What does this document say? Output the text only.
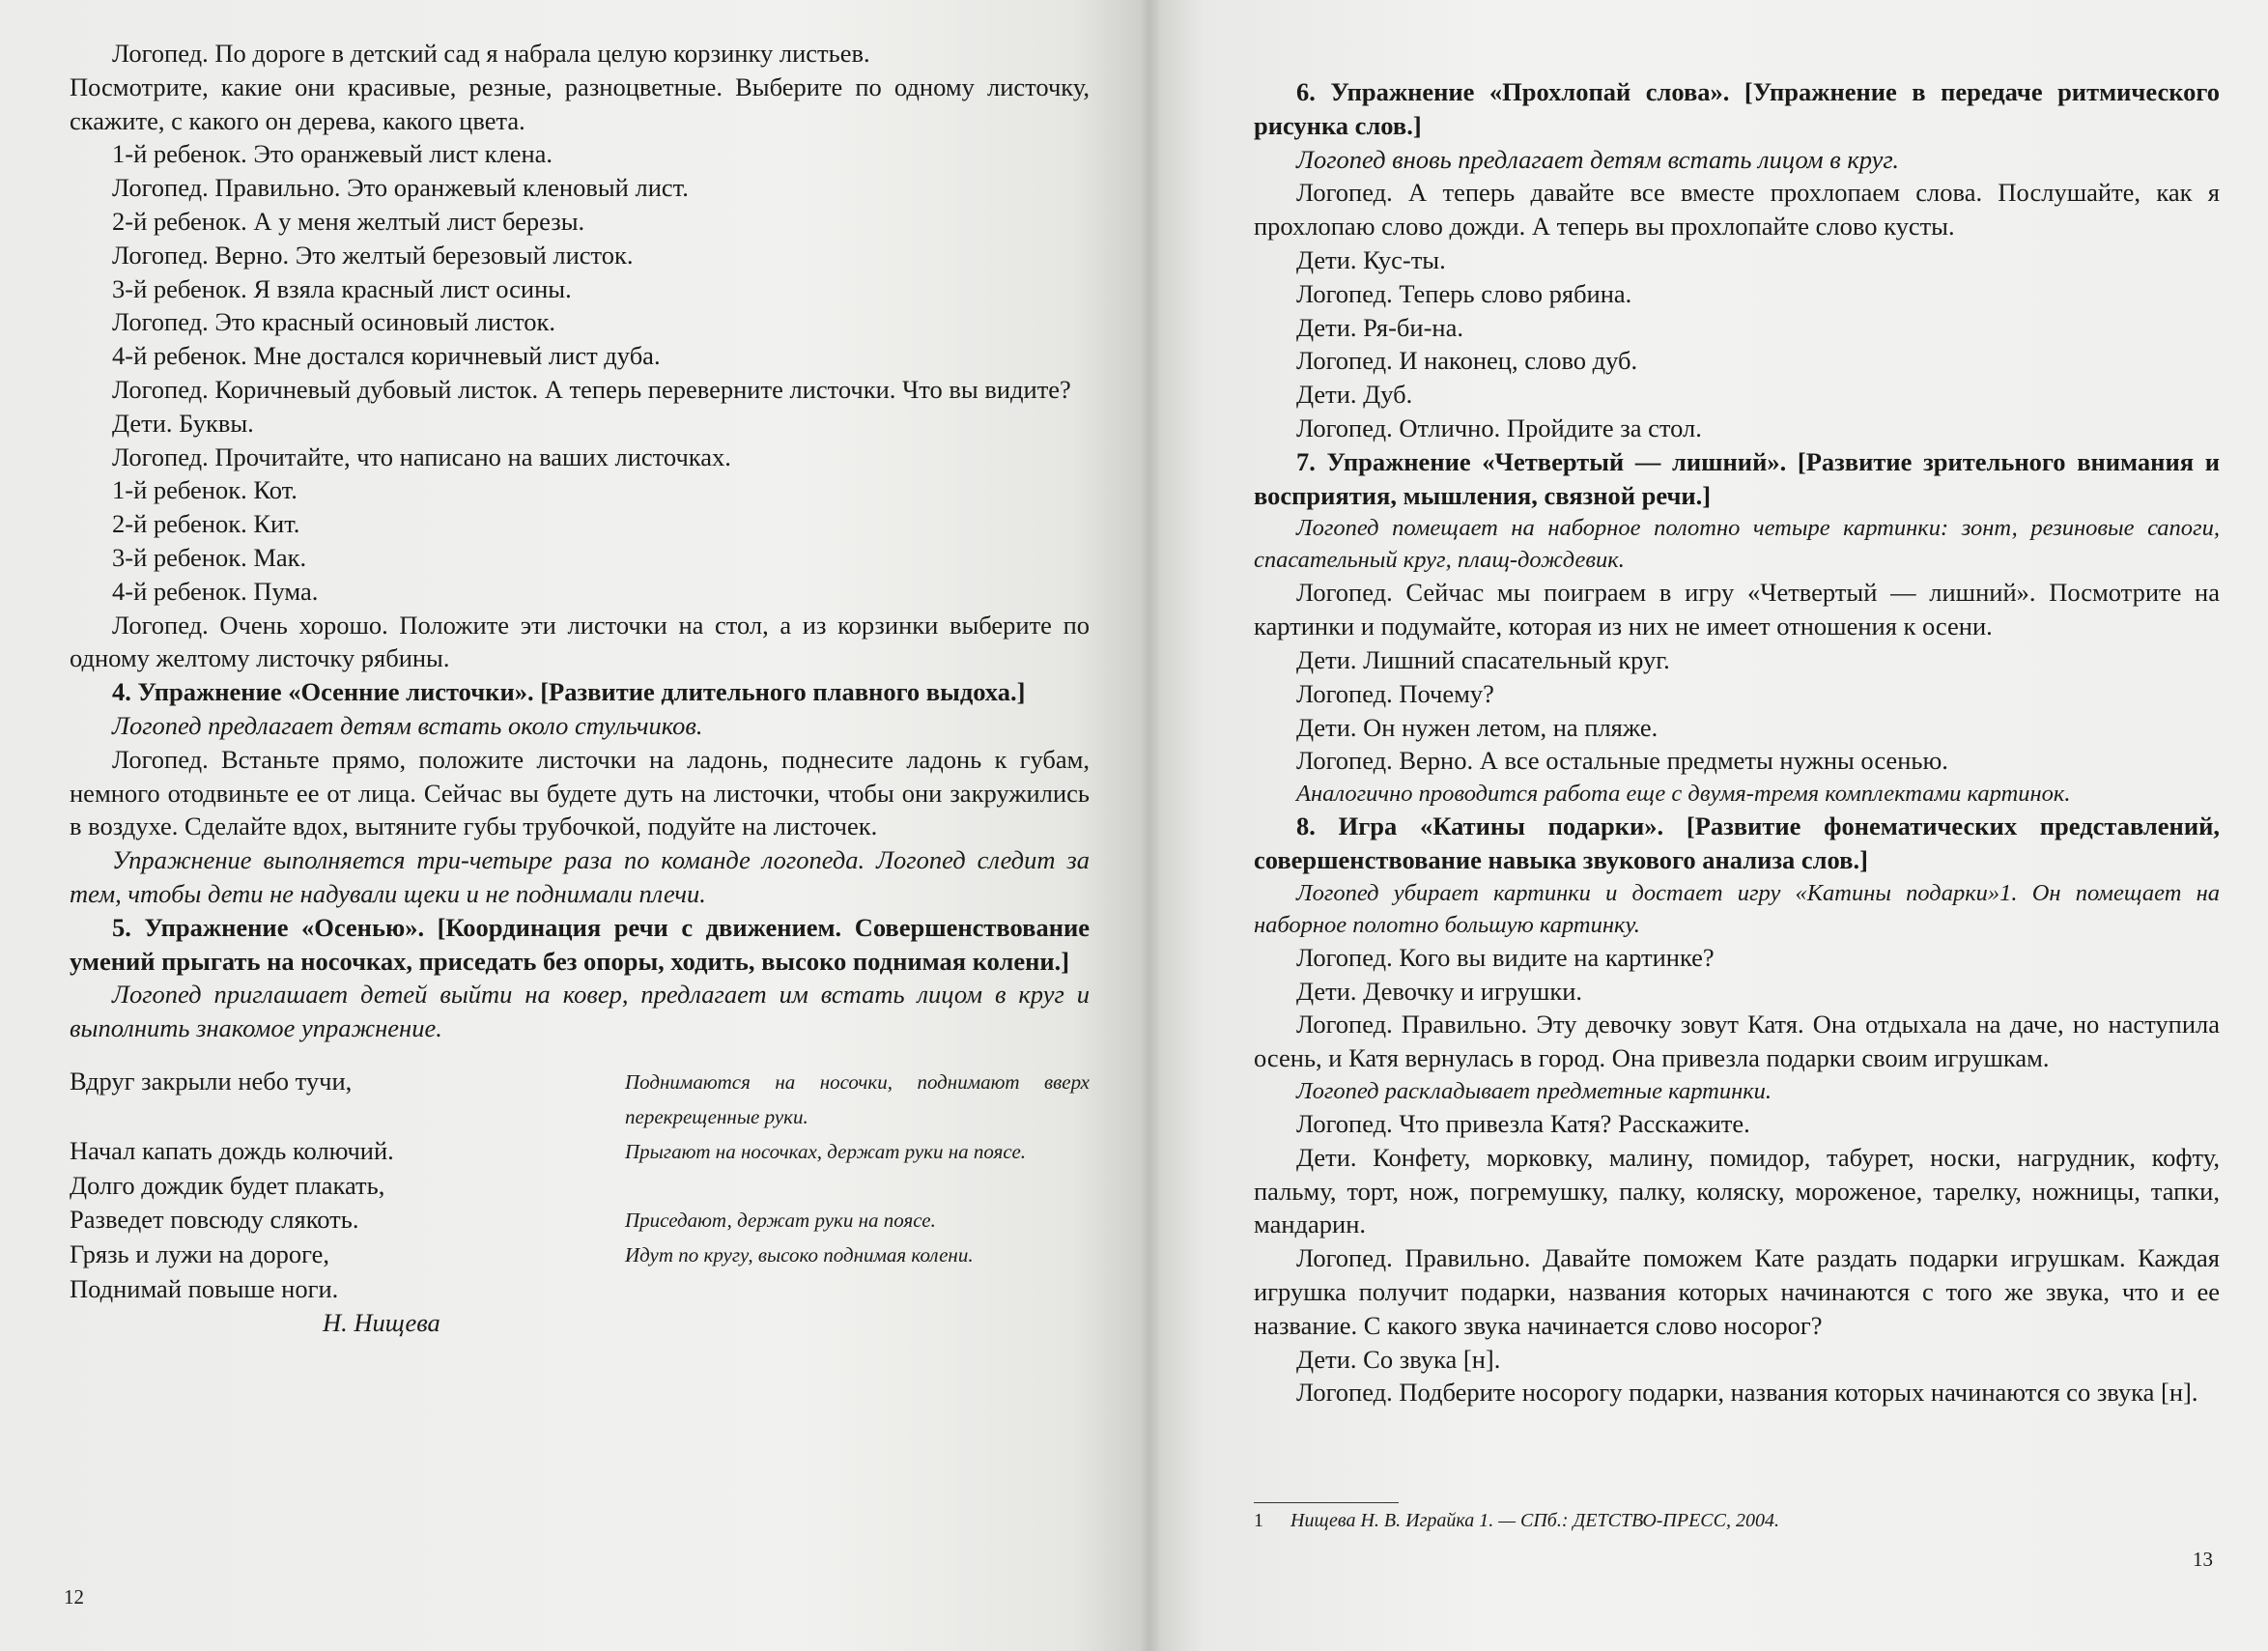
Логопед. По дороге в детский сад я набрала целую корзинку листьев.

Посмотрите, какие они красивые, резные, разноцветные. Выберите по одному листочку, скажите, с какого он дерева, какого цвета.

1-й ребенок. Это оранжевый лист клена.

Логопед. Правильно. Это оранжевый кленовый лист.

2-й ребенок. А у меня желтый лист березы.

Логопед. Верно. Это желтый березовый листок.

3-й ребенок. Я взяла красный лист осины.

Логопед. Это красный осиновый листок.

4-й ребенок. Мне достался коричневый лист дуба.

Логопед. Коричневый дубовый листок. А теперь переверните листочки. Что вы видите?

Дети. Буквы.

Логопед. Прочитайте, что написано на ваших листочках.

1-й ребенок. Кот.

2-й ребенок. Кит.

3-й ребенок. Мак.

4-й ребенок. Пума.

Логопед. Очень хорошо. Положите эти листочки на стол, а из корзинки выберите по одному желтому листочку рябины.

4. Упражнение «Осенние листочки». [Развитие длительного плавного выдоха.]

Логопед предлагает детям встать около стульчиков.

Логопед. Встаньте прямо, положите листочки на ладонь, поднесите ладонь к губам, немного отодвиньте ее от лица. Сейчас вы будете дуть на листочки, чтобы они закружились в воздухе. Сделайте вдох, вытяните губы трубочкой, подуйте на листочек.

Упражнение выполняется три-четыре раза по команде логопеда. Логопед следит за тем, чтобы дети не надували щеки и не поднимали плечи.

5. Упражнение «Осенью». [Координация речи с движением. Совершенствование умений прыгать на носочках, приседать без опоры, ходить, высоко поднимая колени.]

Логопед приглашает детей выйти на ковер, предлагает им встать лицом в круг и выполнить знакомое упражнение.

Вдруг закрыли небо тучи,	Поднимаются на носочки, поднимают вверх перекрещенные руки.
Начал капать дождь колючий.	Прыгают на носочках, держат руки на поясе.
Долго дождик будет плакать,
Разведет повсюду слякоть.	Приседают, держат руки на поясе.
Грязь и лужи на дороге,	Идут по кругу, высоко поднимая колени.
Поднимай повыше ноги.
Н. Нищева
12

6. Упражнение «Прохлопай слова». [Упражнение в передаче ритмического рисунка слов.]

Логопед вновь предлагает детям встать лицом в круг.

Логопед. А теперь давайте все вместе прохлопаем слова. Послушайте, как я прохлопаю слово дожди. А теперь вы прохлопайте слово кусты.

Дети. Кус-ты.

Логопед. Теперь слово рябина.

Дети. Ря-би-на.

Логопед. И наконец, слово дуб.

Дети. Дуб.

Логопед. Отлично. Пройдите за стол.

7. Упражнение «Четвертый — лишний». [Развитие зрительного внимания и восприятия, мышления, связной речи.]

Логопед помещает на наборное полотно четыре картинки: зонт, резиновые сапоги, спасательный круг, плащ-дождевик.

Логопед. Сейчас мы поиграем в игру «Четвертый — лишний». Посмотрите на картинки и подумайте, которая из них не имеет отношения к осени.

Дети. Лишний спасательный круг.

Логопед. Почему?

Дети. Он нужен летом, на пляже.

Логопед. Верно. А все остальные предметы нужны осенью.

Аналогично проводится работа еще с двумя-тремя комплектами картинок.

8. Игра «Катины подарки». [Развитие фонематических представлений, совершенствование навыка звукового анализа слов.]

Логопед убирает картинки и достает игру «Катины подарки»1. Он помещает на наборное полотно большую картинку.

Логопед. Кого вы видите на картинке?

Дети. Девочку и игрушки.

Логопед. Правильно. Эту девочку зовут Катя. Она отдыхала на даче, но наступила осень, и Катя вернулась в город. Она привезла подарки своим игрушкам.

Логопед раскладывает предметные картинки.

Логопед. Что привезла Катя? Расскажите.

Дети. Конфету, морковку, малину, помидор, табурет, носки, нагрудник, кофту, пальму, торт, нож, погремушку, палку, коляску, мороженое, тарелку, ножницы, тапки, мандарин.

Логопед. Правильно. Давайте поможем Кате раздать подарки игрушкам. Каждая игрушка получит подарки, названия которых начинаются с того же звука, что и ее название. С какого звука начинается слово носорог?

Дети. Со звука [н].

Логопед. Подберите носорогу подарки, названия которых начинаются со звука [н].

1 Нищева Н. В. Играйка 1. — СПб.: ДЕТСТВО-ПРЕСС, 2004.
13
